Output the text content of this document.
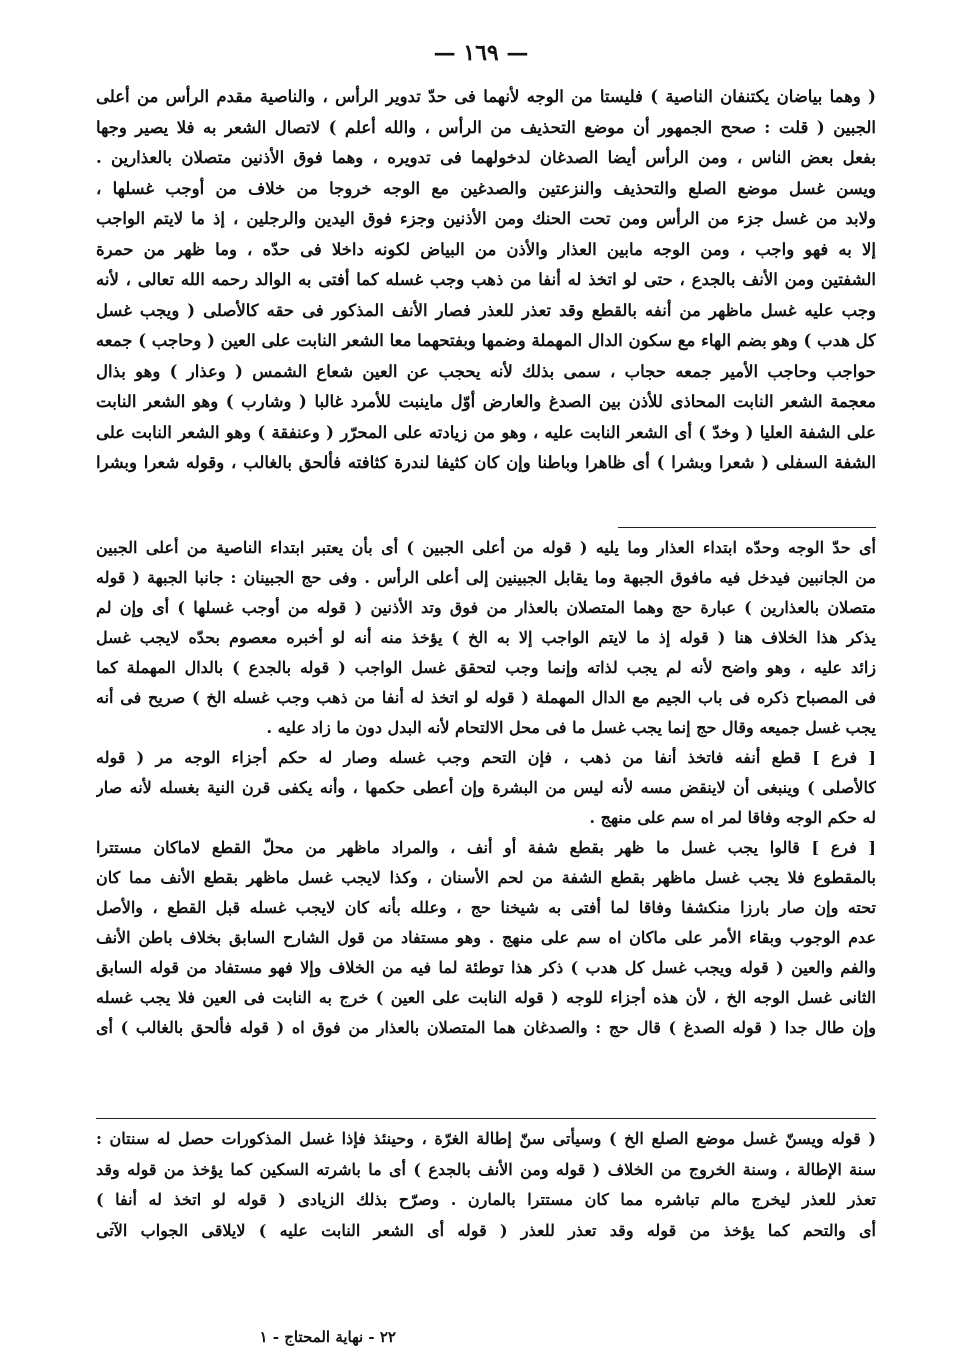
— ١٦٩ —
( وهما بياضان يكتنفان الناصية ) فليستا من الوجه لأنهما فى حدّ تدوير الرأس ، والناصية مقدم الرأس من أعلى
الجبين ( قلت : صحح الجمهور أن موضع التحذيف من الرأس ، والله أعلم ) لاتصال الشعر به فلا يصير وجها
بفعل بعض الناس ، ومن الرأس أيضا الصدغان لدخولهما فى تدويره ، وهما فوق الأذنين متصلان بالعذارين .
ويسن غسل موضع الصلع والتحذيف والنزعتين والصدغين مع الوجه خروجا من خلاف من أوجب غسلها ،
ولابد من غسل جزء من الرأس ومن تحت الحنك ومن الأذنين وجزء فوق اليدين والرجلين ، إذ ما لايتم الواجب
إلا به فهو واجب ، ومن الوجه مابين العذار والأذن من البياض لكونه داخلا فى حدّه ، وما ظهر من حمرة
الشفتين ومن الأنف بالجدع ، حتى لو اتخذ له أنفا من ذهب وجب غسله كما أفتى به الوالد رحمه الله تعالى ، لأنه
وجب عليه غسل ماظهر من أنفه بالقطع وقد تعذر للعذر فصار الأنف المذكور فى حقه كالأصلى ( ويجب غسل
كل هدب ) وهو بضم الهاء مع سكون الدال المهملة وضمها وبفتحهما معا الشعر النابت على العين ( وحاجب ) جمعه
حواجب وحاجب الأمير جمعه حجاب ، سمى بذلك لأنه يحجب عن العين شعاع الشمس ( وعذار ) وهو بذال
معجمة الشعر النابت المحاذى للأذن بين الصدغ والعارض أوّل ماينبت للأمرد غالبا ( وشارب ) وهو الشعر النابت
على الشفة العليا ( وخدّ ) أى الشعر النابت عليه ، وهو من زيادته على المحرّر ( وعنفقة ) وهو الشعر النابت على
الشفة السفلى ( شعرا وبشرا ) أى ظاهرا وباطنا وإن كان كثيفا لندرة كثافته فألحق بالغالب ، وقوله شعرا وبشرا
أى حدّ الوجه وحدّه ابتداء العذار وما يليه ( قوله من أعلى الجبين ) أى بأن يعتبر ابتداء الناصية من أعلى الجبين
من الجانبين فيدخل فيه مافوق الجبهة وما يقابل الجبينين إلى أعلى الرأس . وفى حج الجبينان : جانبا الجبهة ( قوله
متصلان بالعذارين ) عبارة حج وهما المتصلان بالعذار من فوق وتد الأذنين ( قوله من أوجب غسلها ) أى وإن لم
يذكر هذا الخلاف هنا ( قوله إذ ما لايتم الواجب إلا به الخ ) يؤخذ منه أنه لو أخبره معصوم بحدّه لايجب غسل
زائد عليه ، وهو واضح لأنه لم يجب لذاته وإنما وجب لتحقق غسل الواجب ( قوله بالجدع ) بالدال المهملة كما
فى المصباح ذكره فى باب الجيم مع الدال المهملة ( قوله لو اتخذ له أنفا من ذهب وجب غسله الخ ) صريح فى أنه
يجب غسل جميعه وقال حج إنما يجب غسل ما فى محل الالتحام لأنه البدل دون ما زاد عليه .
[ فرع ] قطع أنفه فاتخذ أنفا من ذهب ، فإن التحم وجب غسله وصار له حكم أجزاء الوجه مر ( قوله
كالأصلى ) وينبغى أن لاينقض مسه لأنه ليس من البشرة وإن أعطى حكمها ، وأنه يكفى قرن النية بغسله لأنه صار
له حكم الوجه وفاقا لمر اه سم على منهج .
[ فرع ] قالوا يجب غسل ما ظهر بقطع شفة أو أنف ، والمراد ماظهر من محلّ القطع لاماكان مستترا
بالمقطوع فلا يجب غسل ماظهر بقطع الشفة من لحم الأسنان ، وكذا لايجب غسل ماظهر بقطع الأنف مما كان
تحته وإن صار بارزا منكشفا وفاقا لما أفتى به شيخنا حج ، وعلله بأنه كان لايجب غسله قبل القطع ، والأصل
عدم الوجوب وبقاء الأمر على ماكان اه سم على منهج . وهو مستفاد من قول الشارح السابق بخلاف باطن الأنف
والفم والعين ( قوله ويجب غسل كل هدب ) ذكر هذا توطئة لما فيه من الخلاف وإلا فهو مستفاد من قوله السابق
الثانى غسل الوجه الخ ، لأن هذه أجزاء للوجه ( قوله النابت على العين ) خرج به النابت فى العين فلا يجب غسله
وإن طال جدا ( قوله الصدغ ) قال حج : والصدغان هما المتصلان بالعذار من فوق اه ( قوله فألحق بالغالب ) أى
( قوله ويسنّ غسل موضع الصلع الخ ) وسيأتى سنّ إطالة الغرّة ، وحينئذ فإذا غسل المذكورات حصل له سنتان :
سنة الإطالة ، وسنة الخروج من الخلاف ( قوله ومن الأنف بالجدع ) أى ما باشرته السكين كما يؤخذ من قوله وقد
تعذر للعذر ليخرج مالم تباشره مما كان مستترا بالمارن . وصرّح بذلك الزيادى ( قوله لو اتخذ له أنفا )
أى والتحم كما يؤخذ من قوله وقد تعذر للعذر ( قوله أى الشعر النابت عليه ) لايلاقى الجواب الآتى
٢٢ - نهاية المحتاج - ١
